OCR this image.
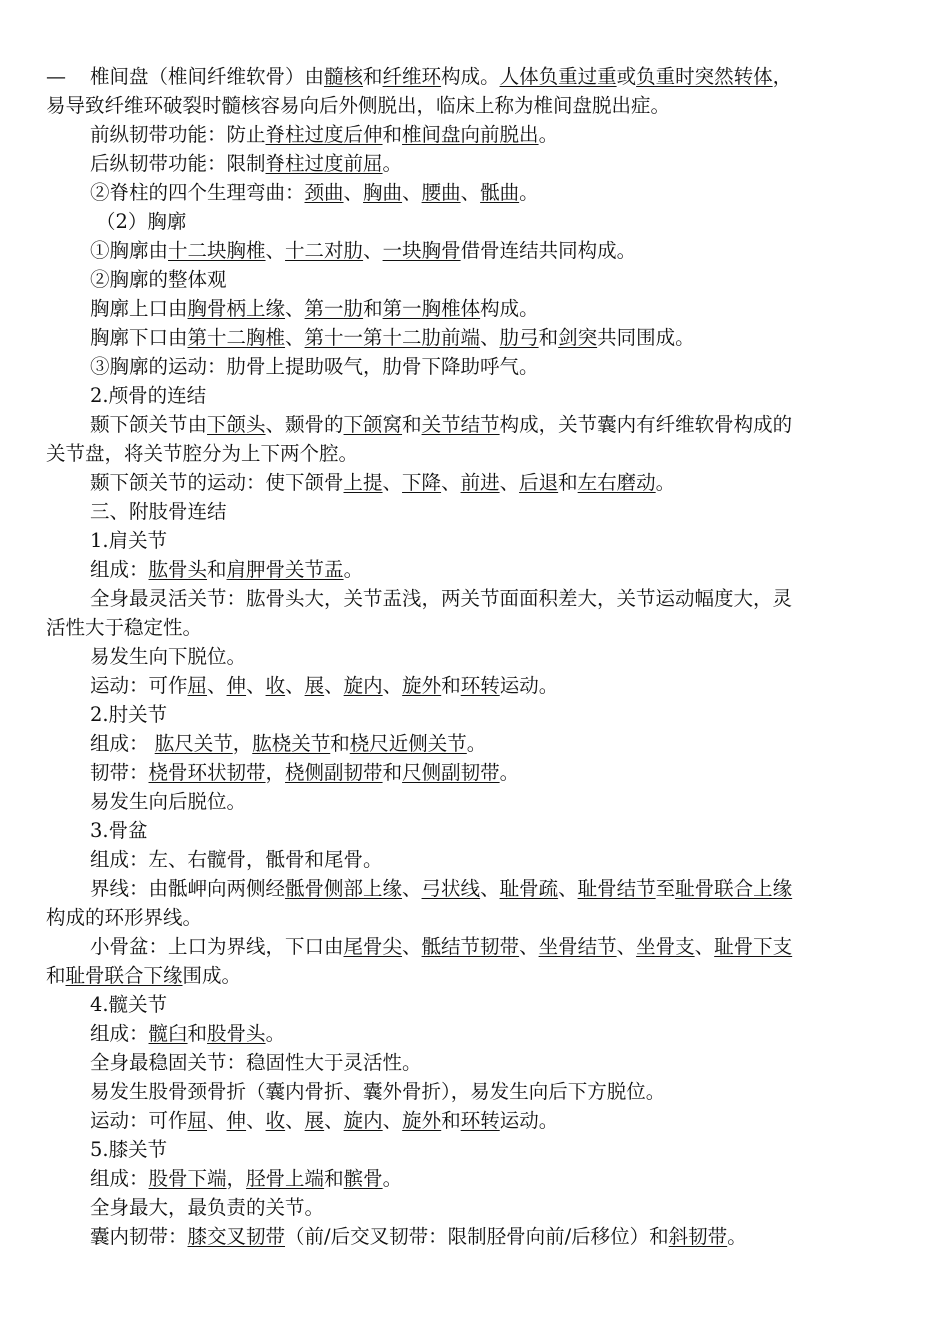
—	椎间盘（椎间纤维软骨）由髓核和纤维环构成。人体负重过重或负重时突然转体，
易导致纤维环破裂时髓核容易向后外侧脱出，临床上称为椎间盘脱出症。
前纵韧带功能：防止脊柱过度后伸和椎间盘向前脱出。
后纵韧带功能：限制脊柱过度前屈。
②脊柱的四个生理弯曲：颈曲、胸曲、腰曲、骶曲。
（2）胸廓
①胸廓由十二块胸椎、十二对肋、一块胸骨借骨连结共同构成。
②胸廓的整体观
胸廓上口由胸骨柄上缘、第一肋和第一胸椎体构成。
胸廓下口由第十二胸椎、第十一第十二肋前端、肋弓和剑突共同围成。
③胸廓的运动：肋骨上提助吸气，肋骨下降助呼气。
2.颅骨的连结
颞下颌关节由下颌头、颞骨的下颌窝和关节结节构成，关节囊内有纤维软骨构成的
关节盘，将关节腔分为上下两个腔。
颞下颌关节的运动：使下颌骨上提、下降、前进、后退和左右磨动。
三、附肢骨连结
1.肩关节
组成：肱骨头和肩胛骨关节盂。
全身最灵活关节：肱骨头大，关节盂浅，两关节面面积差大，关节运动幅度大，灵
活性大于稳定性。
易发生向下脱位。
运动：可作屈、伸、收、展、旋内、旋外和环转运动。
2.肘关节
组成： 肱尺关节，肱桡关节和桡尺近侧关节。
韧带：桡骨环状韧带，桡侧副韧带和尺侧副韧带。
易发生向后脱位。
3.骨盆
组成：左、右髋骨，骶骨和尾骨。
界线：由骶岬向两侧经骶骨侧部上缘、弓状线、耻骨疏、耻骨结节至耻骨联合上缘
构成的环形界线。
小骨盆：上口为界线，下口由尾骨尖、骶结节韧带、坐骨结节、坐骨支、耻骨下支
和耻骨联合下缘围成。
4.髋关节
组成：髋臼和股骨头。
全身最稳固关节：稳固性大于灵活性。
易发生股骨颈骨折（囊内骨折、囊外骨折），易发生向后下方脱位。
运动：可作屈、伸、收、展、旋内、旋外和环转运动。
5.膝关节
组成：股骨下端，胫骨上端和髌骨。
全身最大，最负责的关节。
囊内韧带：膝交叉韧带（前/后交叉韧带：限制胫骨向前/后移位）和斜韧带。
